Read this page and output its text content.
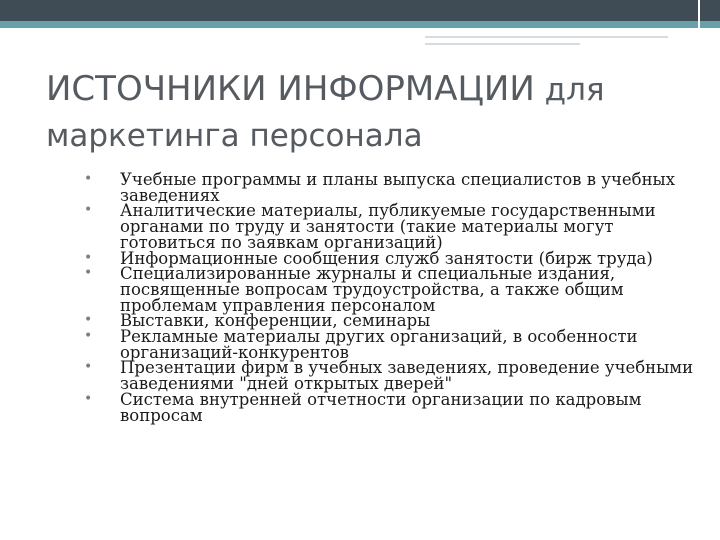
ИСТОЧНИКИ ИНФОРМАЦИИ для
маркетинга персонала
• Учебные программы и планы выпуска специалистов в учебных заведениях
• Аналитические материалы, публикуемые государственными органами по труду и занятости (такие материалы могут готовиться по заявкам организаций)
• Информационные сообщения служб занятости (бирж труда)
• Специализированные журналы и специальные издания, посвященные вопросам трудоустройства, а также общим проблемам управления персоналом
• Выставки, конференции, семинары
• Рекламные материалы других организаций, в особенности организаций-конкурентов
• Презентации фирм в учебных заведениях, проведение учебными заведениями "дней открытых дверей"
• Система внутренней отчетности организации по кадровым вопросам
